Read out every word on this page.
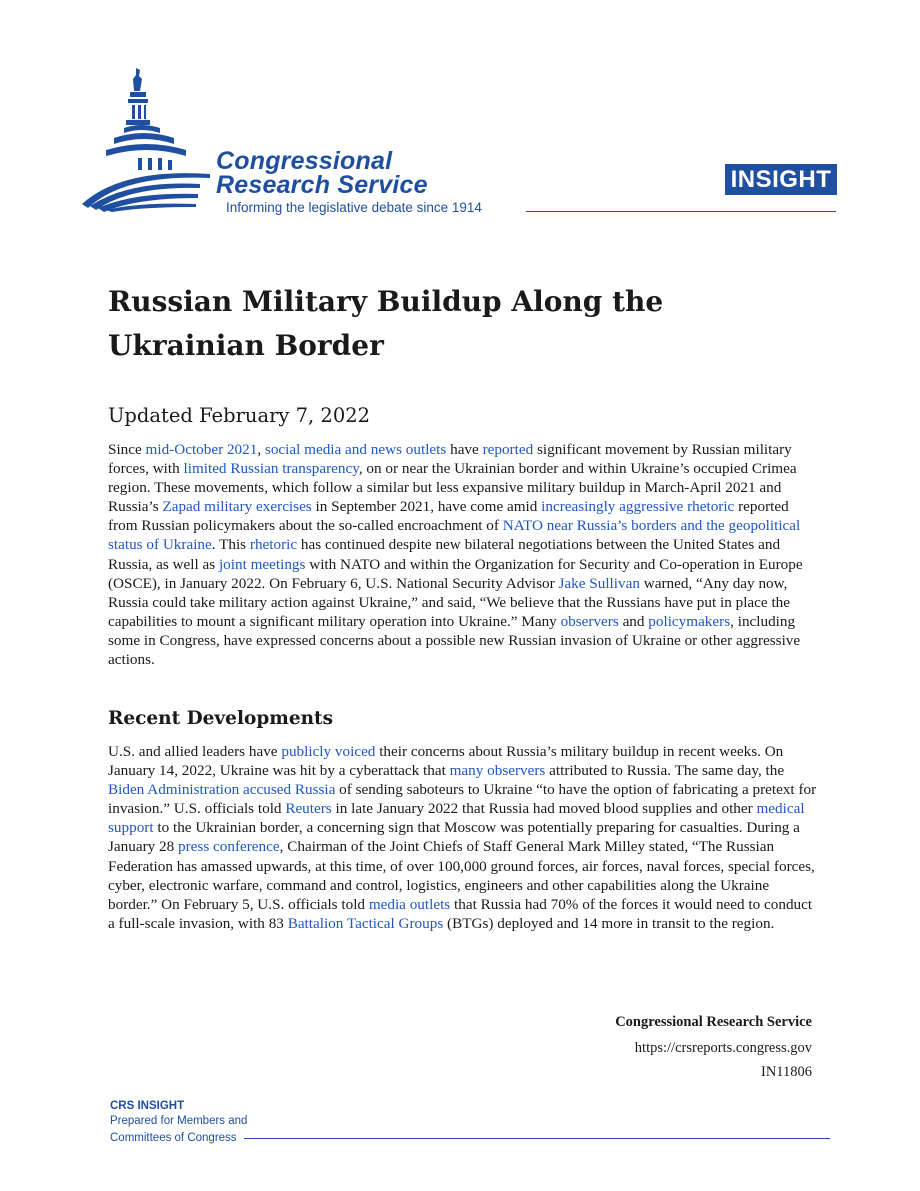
Congressional
Research Service
Informing the legislative debate since 1914
INSIGHT
Russian Military Buildup Along the Ukrainian Border

Updated February 7, 2022

Since mid-October 2021, social media and news outlets have reported significant movement by Russian military forces, with limited Russian transparency, on or near the Ukrainian border and within Ukraine’s occupied Crimea region. These movements, which follow a similar but less expansive military buildup in March-April 2021 and Russia’s Zapad military exercises in September 2021, have come amid increasingly aggressive rhetoric reported from Russian policymakers about the so-called encroachment of NATO near Russia’s borders and the geopolitical status of Ukraine. This rhetoric has continued despite new bilateral negotiations between the United States and Russia, as well as joint meetings with NATO and within the Organization for Security and Co-operation in Europe (OSCE), in January 2022. On February 6, U.S. National Security Advisor Jake Sullivan warned, “Any day now, Russia could take military action against Ukraine,” and said, “We believe that the Russians have put in place the capabilities to mount a significant military operation into Ukraine.” Many observers and policymakers, including some in Congress, have expressed concerns about a possible new Russian invasion of Ukraine or other aggressive actions.

Recent Developments

U.S. and allied leaders have publicly voiced their concerns about Russia’s military buildup in recent weeks. On January 14, 2022, Ukraine was hit by a cyberattack that many observers attributed to Russia. The same day, the Biden Administration accused Russia of sending saboteurs to Ukraine “to have the option of fabricating a pretext for invasion.” U.S. officials told Reuters in late January 2022 that Russia had moved blood supplies and other medical support to the Ukrainian border, a concerning sign that Moscow was potentially preparing for casualties. During a January 28 press conference, Chairman of the Joint Chiefs of Staff General Mark Milley stated, “The Russian Federation has amassed upwards, at this time, of over 100,000 ground forces, air forces, naval forces, special forces, cyber, electronic warfare, command and control, logistics, engineers and other capabilities along the Ukraine border.” On February 5, U.S. officials told media outlets that Russia had 70% of the forces it would need to conduct a full-scale invasion, with 83 Battalion Tactical Groups (BTGs) deployed and 14 more in transit to the region.

Congressional Research Service

https://crsreports.congress.gov

IN11806

CRS INSIGHT
Prepared for Members and
Committees of Congress
